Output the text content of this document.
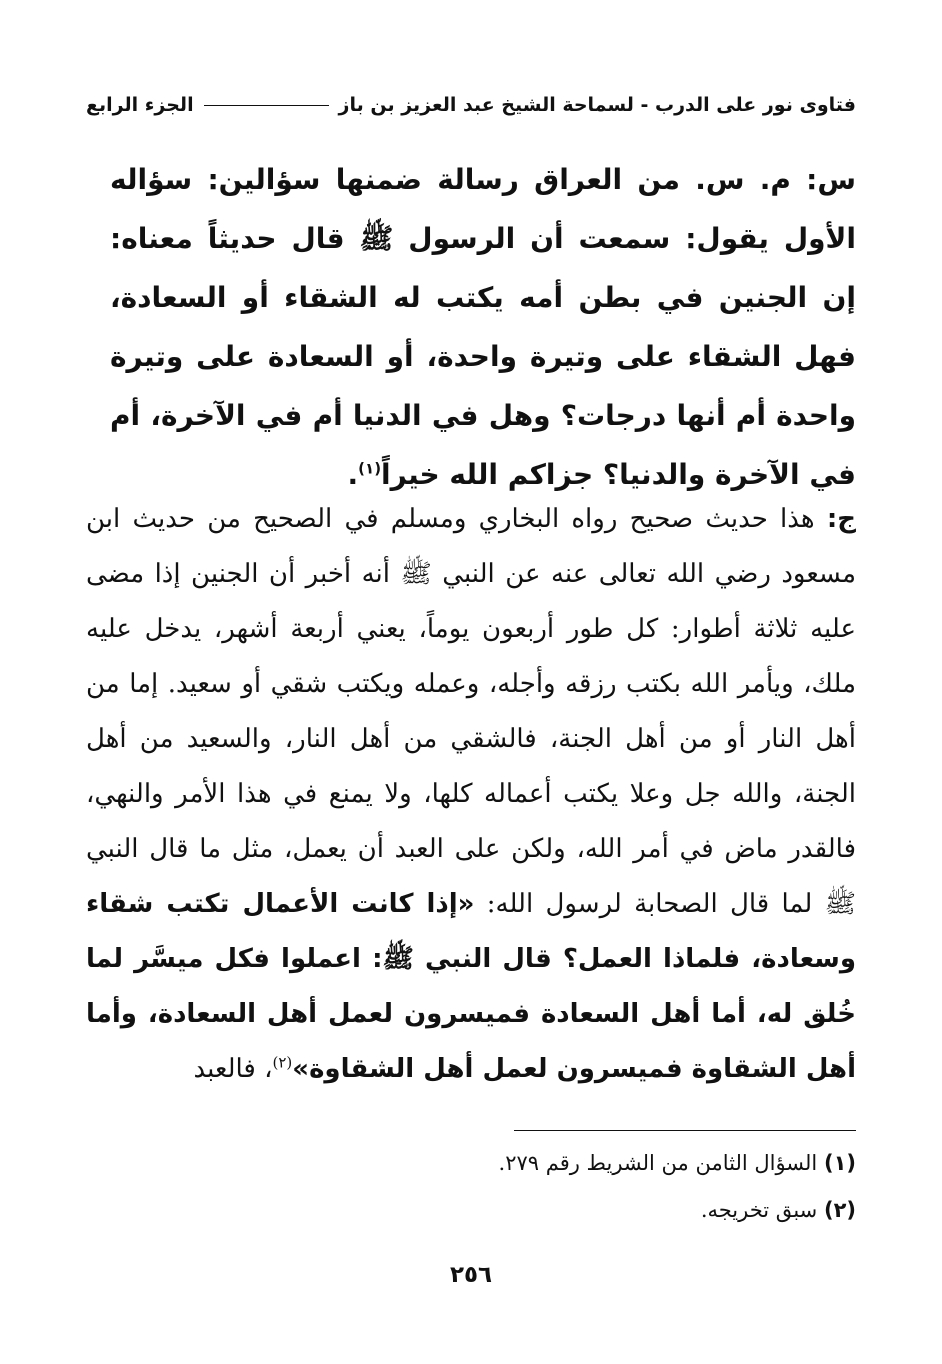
فتاوى نور على الدرب - لسماحة الشيخ عبد العزيز بن باز
الجزء الرابع
س: م. س. من العراق رسالة ضمنها سؤالين: سؤاله الأول يقول: سمعت أن الرسول ﷺ قال حديثاً معناه: إن الجنين في بطن أمه يكتب له الشقاء أو السعادة، فهل الشقاء على وتيرة واحدة، أو السعادة على وتيرة واحدة أم أنها درجات؟ وهل في الدنيا أم في الآخرة، أم في الآخرة والدنيا؟ جزاكم الله خيراً$^{(١)}$.
ج: هذا حديث صحيح رواه البخاري ومسلم في الصحيح من حديث ابن مسعود رضي الله تعالى عنه عن النبي ﷺ أنه أخبر أن الجنين إذا مضى عليه ثلاثة أطوار: كل طور أربعون يوماً، يعني أربعة أشهر، يدخل عليه ملك، ويأمر الله بكتب رزقه وأجله، وعمله ويكتب شقي أو سعيد. إما من أهل النار أو من أهل الجنة، فالشقي من أهل النار، والسعيد من أهل الجنة، والله جل وعلا يكتب أعماله كلها، ولا يمنع في هذا الأمر والنهي، فالقدر ماض في أمر الله، ولكن على العبد أن يعمل، مثل ما قال النبي ﷺ لما قال الصحابة لرسول الله: «إذا كانت الأعمال تكتب شقاء وسعادة، فلماذا العمل؟ قال النبي ﷺ: اعملوا فكل ميسَّر لما خُلق له، أما أهل السعادة فميسرون لعمل أهل السعادة، وأما أهل الشقاوة فميسرون لعمل أهل الشقاوة»$^{(٢)}$، فالعبد
(١) السؤال الثامن من الشريط رقم ٢٧٩.
(٢) سبق تخريجه.
٢٥٦
